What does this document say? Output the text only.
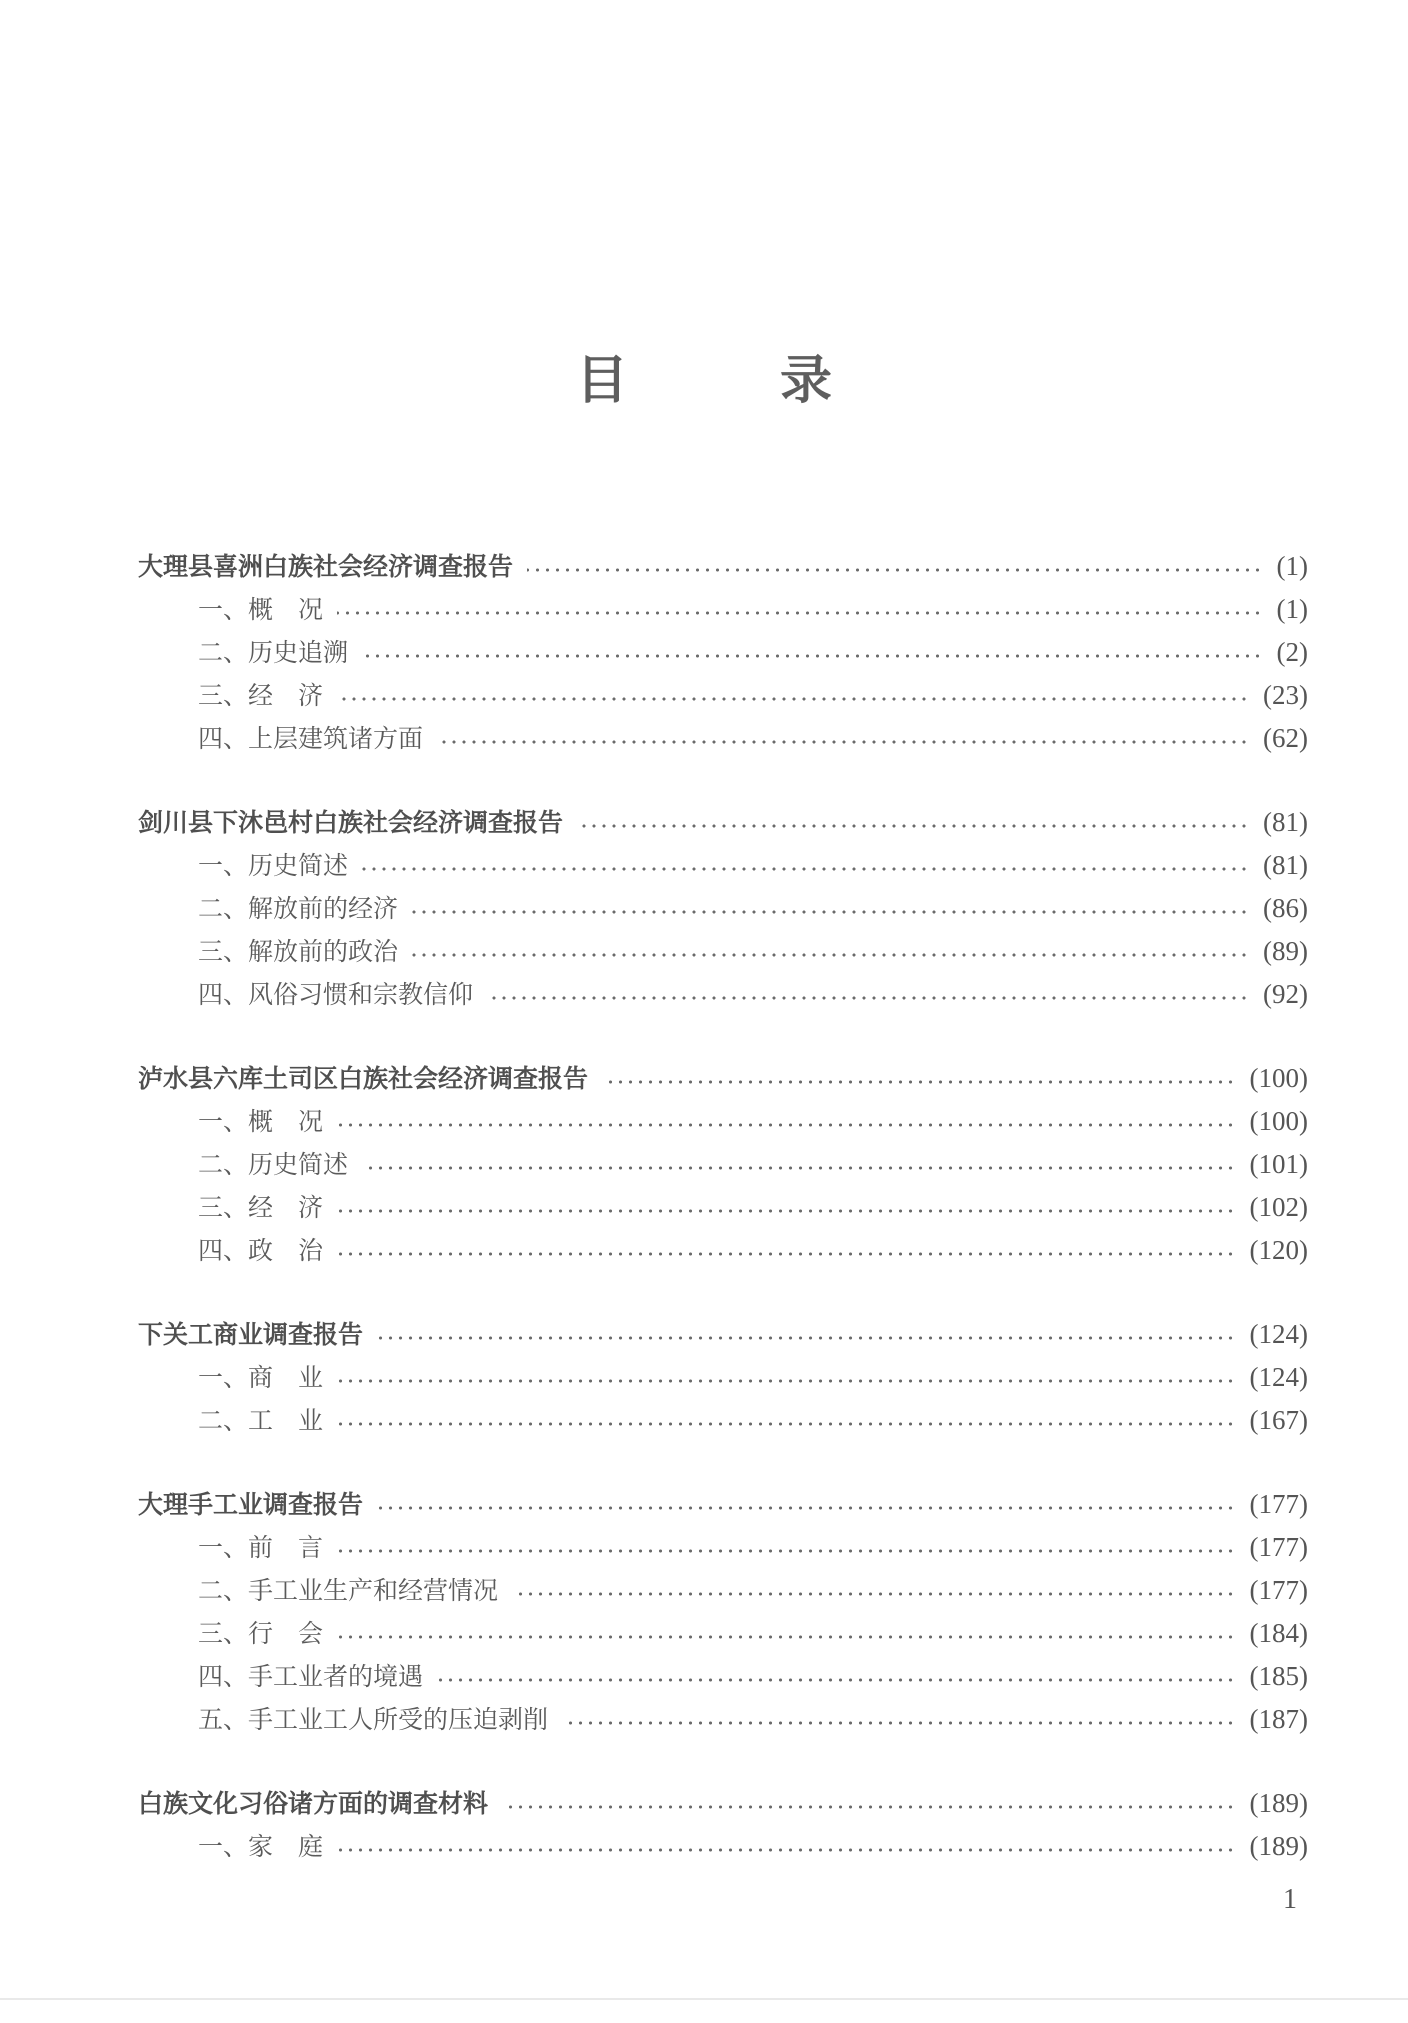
目　录
大理县喜洲白族社会经济调查报告	(1)
一、概　况	(1)
二、历史追溯	(2)
三、经　济	(23)
四、上层建筑诸方面	(62)
剑川县下沐邑村白族社会经济调查报告	(81)
一、历史简述	(81)
二、解放前的经济	(86)
三、解放前的政治	(89)
四、风俗习惯和宗教信仰	(92)
泸水县六库土司区白族社会经济调查报告	(100)
一、概　况	(100)
二、历史简述	(101)
三、经　济	(102)
四、政　治	(120)
下关工商业调查报告	(124)
一、商　业	(124)
二、工　业	(167)
大理手工业调查报告	(177)
一、前　言	(177)
二、手工业生产和经营情况	(177)
三、行　会	(184)
四、手工业者的境遇	(185)
五、手工业工人所受的压迫剥削	(187)
白族文化习俗诸方面的调查材料	(189)
一、家　庭	(189)
1
